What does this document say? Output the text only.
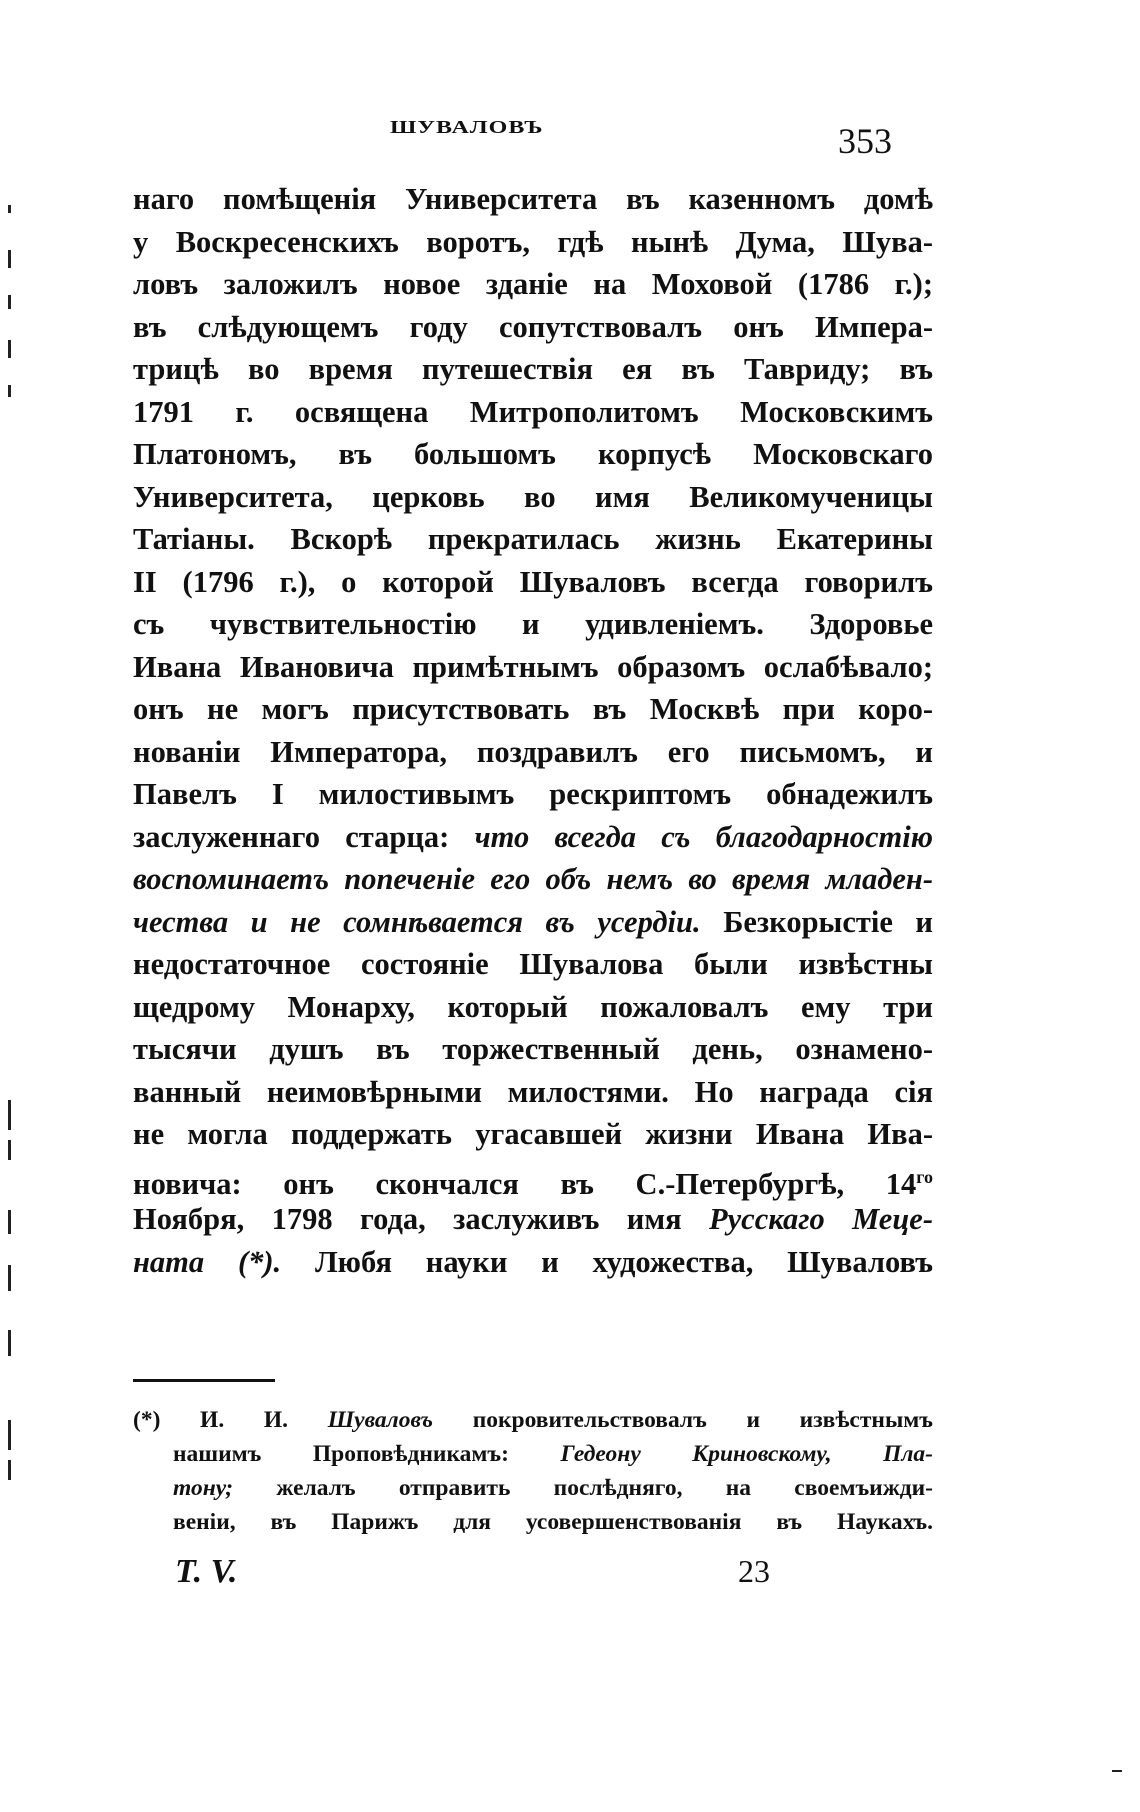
ШУВАЛОВЪ	353
наго помѣщенія Университета въ казенномъ домѣ
у Воскресенскихъ воротъ, гдѣ нынѣ Дума, Шува-
ловъ заложилъ новое зданіе на Моховой (1786 г.);
въ слѣдующемъ году сопутствовалъ онъ Импера-
трицѣ во время путешествія ея въ Тавриду; въ
1791 г. освящена Митрополитомъ Московскимъ
Платономъ, въ большомъ корпусѣ Московскаго
Университета, церковь во имя Великомученицы
Татіаны. Вскорѣ прекратилась жизнь Екатерины
II (1796 г.), о которой Шуваловъ всегда говорилъ
съ чувствительностію и удивленіемъ. Здоровье
Ивана Ивановича примѣтнымъ образомъ ослабѣвало;
онъ не могъ присутствовать въ Москвѣ при коро-
нованіи Императора, поздравилъ его письмомъ, и
Павелъ I милостивымъ рескриптомъ обнадежилъ
заслуженнаго старца: что всегда съ благодарностію
воспоминаетъ попеченіе его объ немъ во время младен-
чества и не сомнѣвается въ усердіи. Безкорыстіе и
недостаточное состояніе Шувалова были извѣстны
щедрому Монарху, который пожаловалъ ему три
тысячи душъ въ торжественный день, ознамено-
ванный неимовѣрными милостями. Но награда сія
не могла поддержать угасавшей жизни Ивана Ива-
новича: онъ скончался въ С.-Петербургѣ, $14^{го}$
Ноября, 1798 года, заслуживъ имя Русскаго Меце-
ната (*). Любя науки и художества, Шуваловъ
(*) И. И. Шуваловъ покровительствовалъ и извѣстнымъ
нашимъ Проповѣдникамъ: Гедеону Криновскому, Пла-
тону; желалъ отправить послѣдняго, на своемъижди-
веніи, въ Парижъ для усовершенствованія въ Наукахъ.
Т. V.	23
